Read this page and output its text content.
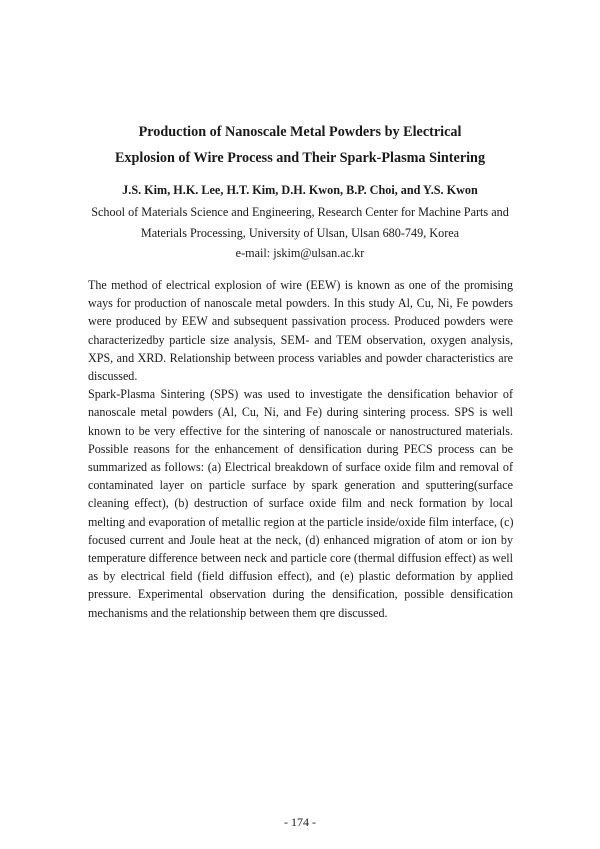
Production of Nanoscale Metal Powders by Electrical
Explosion of Wire Process and Their Spark-Plasma Sintering
J.S. Kim, H.K. Lee, H.T. Kim, D.H. Kwon, B.P. Choi, and Y.S. Kwon
School of Materials Science and Engineering, Research Center for Machine Parts and
Materials Processing, University of Ulsan, Ulsan 680-749, Korea
e-mail: jskim@ulsan.ac.kr
The method of electrical explosion of wire (EEW) is known as one of the promising
ways for production of nanoscale metal powders. In this study Al, Cu, Ni, Fe powders
were produced by EEW and subsequent passivation process. Produced powders were
characterizedby particle size analysis, SEM- and TEM observation, oxygen analysis,
XPS, and XRD. Relationship between process variables and powder characteristics are
discussed.
Spark-Plasma Sintering (SPS) was used to investigate the densification behavior of
nanoscale metal powders (Al, Cu, Ni, and Fe) during sintering process. SPS is well
known to be very effective for the sintering of nanoscale or nanostructured materials.
Possible reasons for the enhancement of densification during PECS process can be
summarized as follows: (a) Electrical breakdown of surface oxide film and removal of
contaminated layer on particle surface by spark generation and sputtering(surface
cleaning effect), (b) destruction of surface oxide film and neck formation by local
melting and evaporation of metallic region at the particle inside/oxide film interface, (c)
focused current and Joule heat at the neck, (d) enhanced migration of atom or ion by
temperature difference between neck and particle core (thermal diffusion effect) as well
as by electrical field (field diffusion effect), and (e) plastic deformation by applied
pressure. Experimental observation during the densification, possible densification
mechanisms and the relationship between them qre discussed.
- 174 -
